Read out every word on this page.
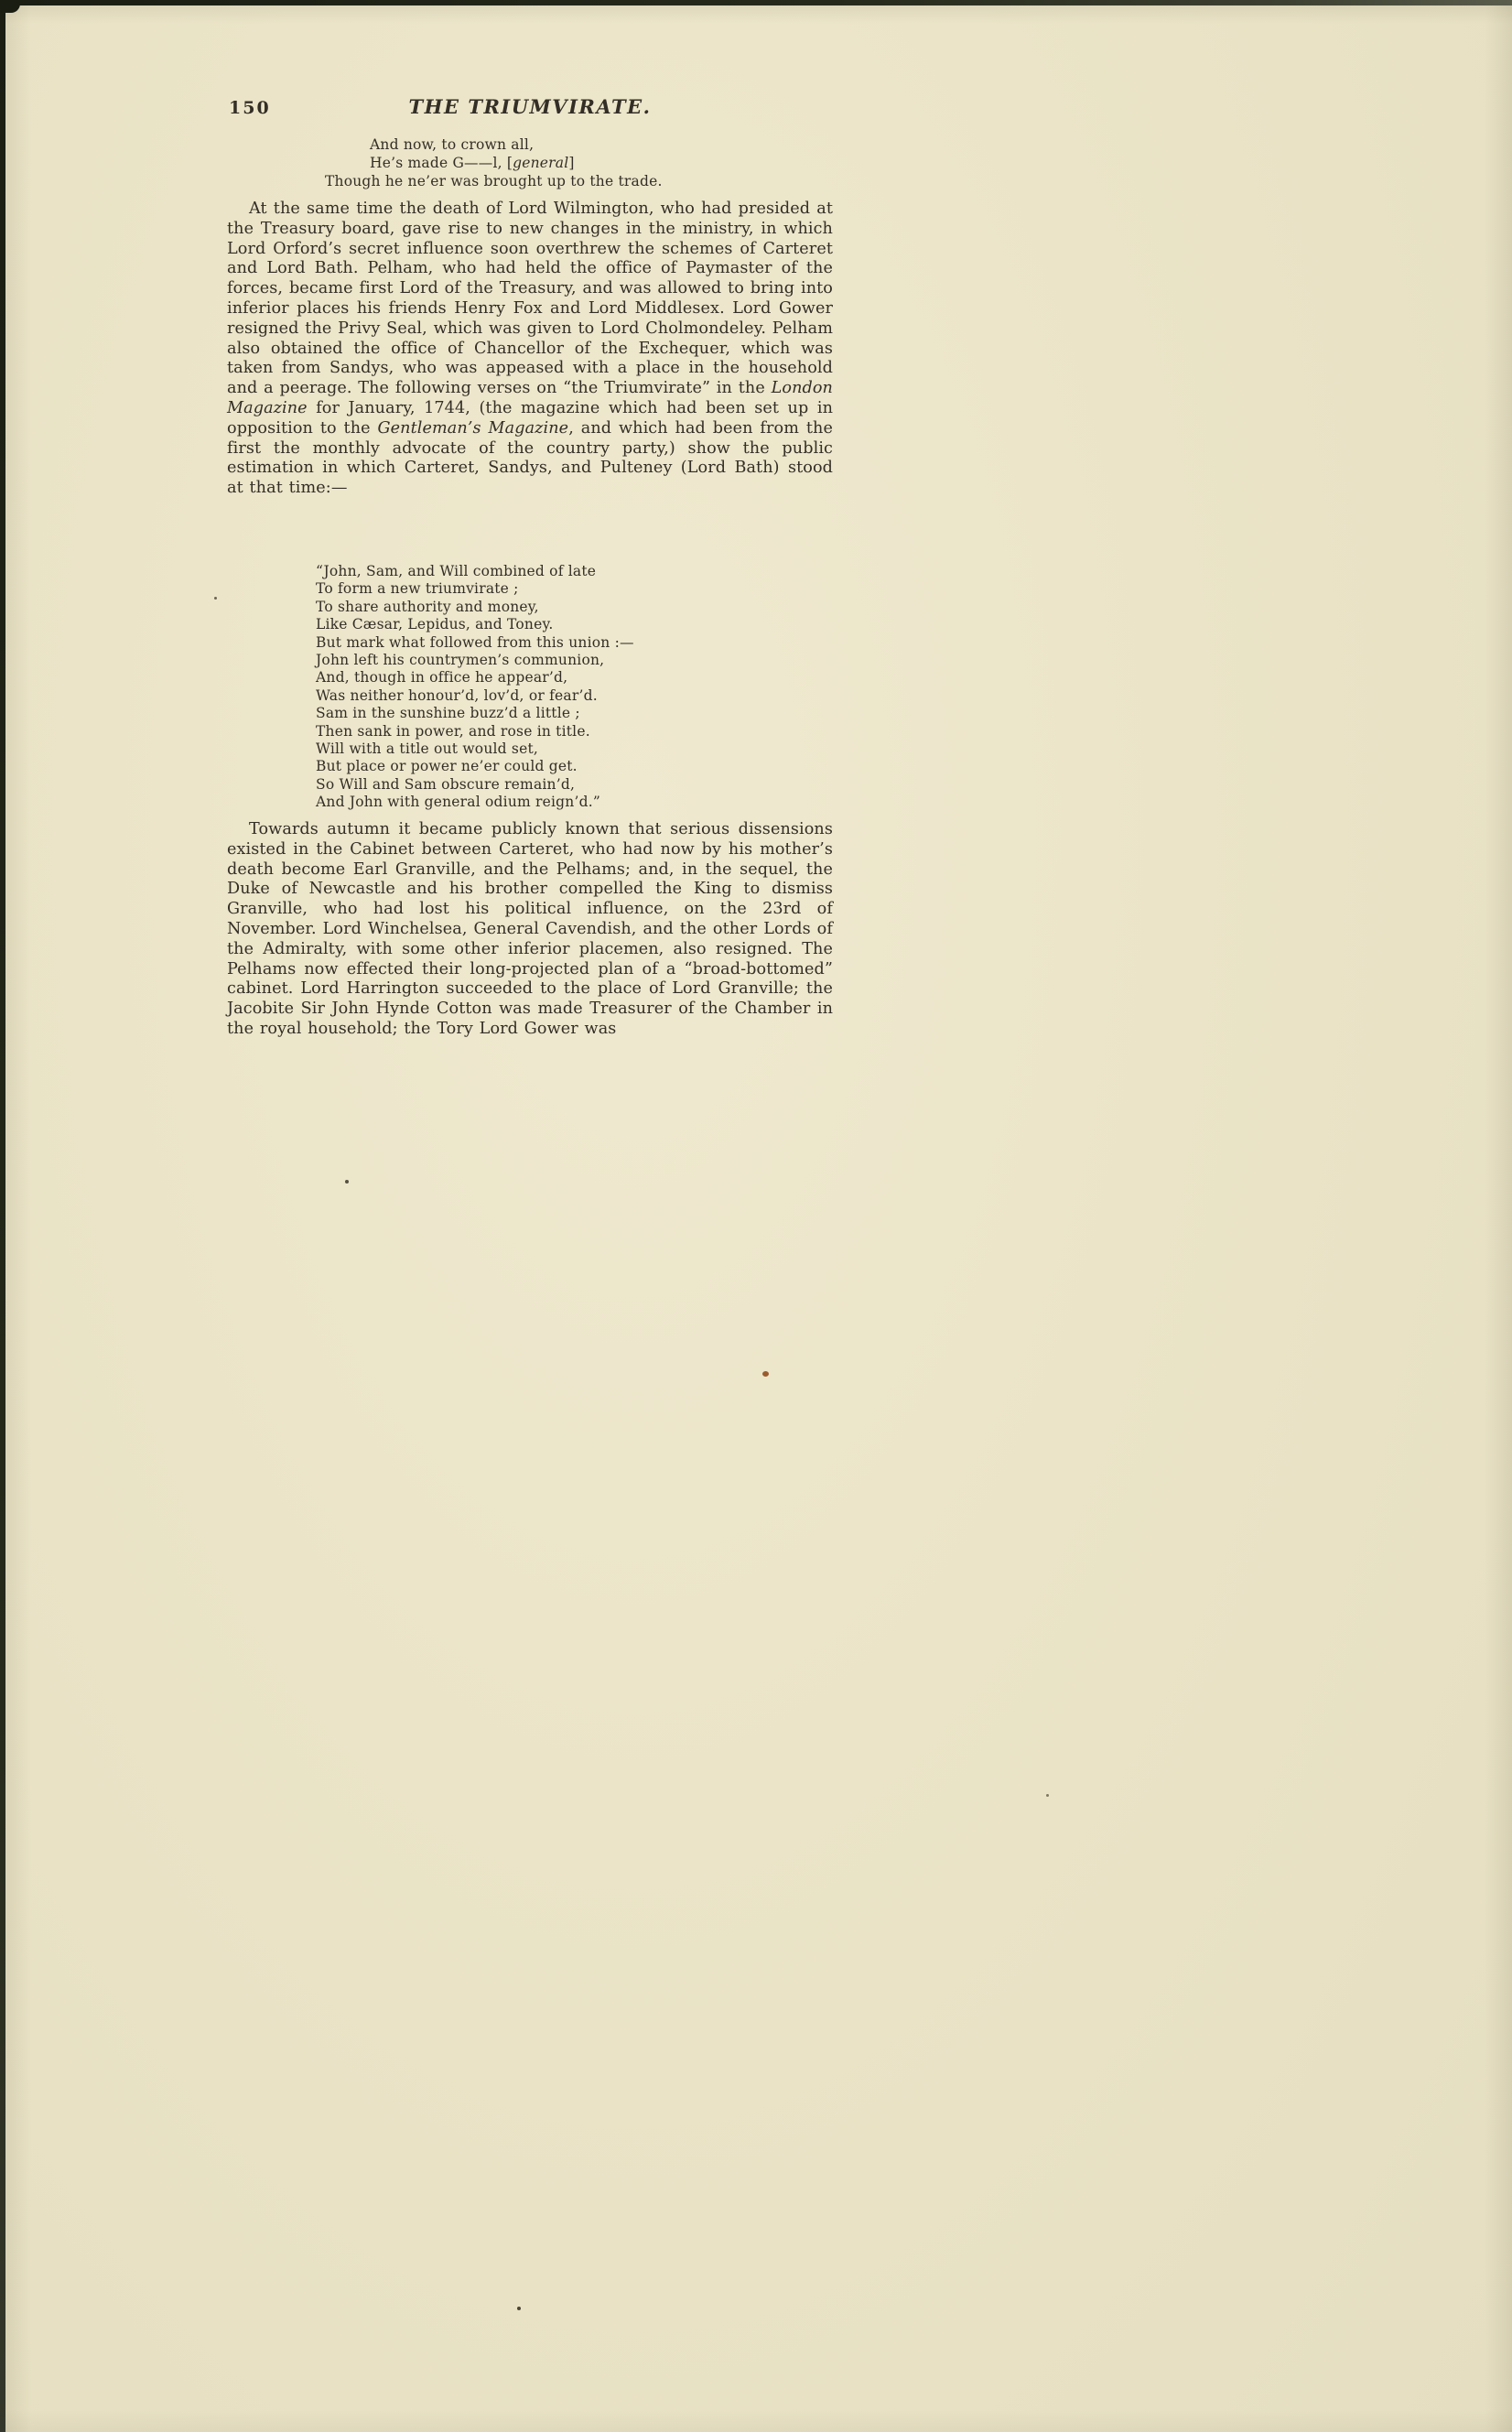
150	THE TRIUMVIRATE.
And now, to crown all,
He’s made G——l, [general]
Though he ne’er was brought up to the trade.

At the same time the death of Lord Wilmington, who had presided at the Treasury board, gave rise to new changes in the ministry, in which Lord Orford’s secret influence soon overthrew the schemes of Carteret and Lord Bath. Pelham, who had held the office of Paymaster of the forces, became first Lord of the Treasury, and was allowed to bring into inferior places his friends Henry Fox and Lord Middlesex. Lord Gower resigned the Privy Seal, which was given to Lord Cholmondeley. Pelham also obtained the office of Chancellor of the Exchequer, which was taken from Sandys, who was appeased with a place in the household and a peerage. The following verses on “the Triumvirate” in the London Magazine for January, 1744, (the magazine which had been set up in opposition to the Gentleman’s Magazine, and which had been from the first the monthly advocate of the country party,) show the public estimation in which Carteret, Sandys, and Pulteney (Lord Bath) stood at that time:—

“John, Sam, and Will combined of late
To form a new triumvirate ;
To share authority and money,
Like Cæsar, Lepidus, and Toney.
But mark what followed from this union :—
John left his countrymen’s communion,
And, though in office he appear’d,
Was neither honour’d, lov’d, or fear’d.
Sam in the sunshine buzz’d a little ;
Then sank in power, and rose in title.
Will with a title out would set,
But place or power ne’er could get.
So Will and Sam obscure remain’d,
And John with general odium reign’d.”

Towards autumn it became publicly known that serious dissensions existed in the Cabinet between Carteret, who had now by his mother’s death become Earl Granville, and the Pelhams; and, in the sequel, the Duke of Newcastle and his brother compelled the King to dismiss Granville, who had lost his political influence, on the 23rd of November. Lord Winchelsea, General Cavendish, and the other Lords of the Admiralty, with some other inferior placemen, also resigned. The Pelhams now effected their long-projected plan of a “broad-bottomed” cabinet. Lord Harrington succeeded to the place of Lord Granville; the Jacobite Sir John Hynde Cotton was made Treasurer of the Chamber in the royal household; the Tory Lord Gower was
